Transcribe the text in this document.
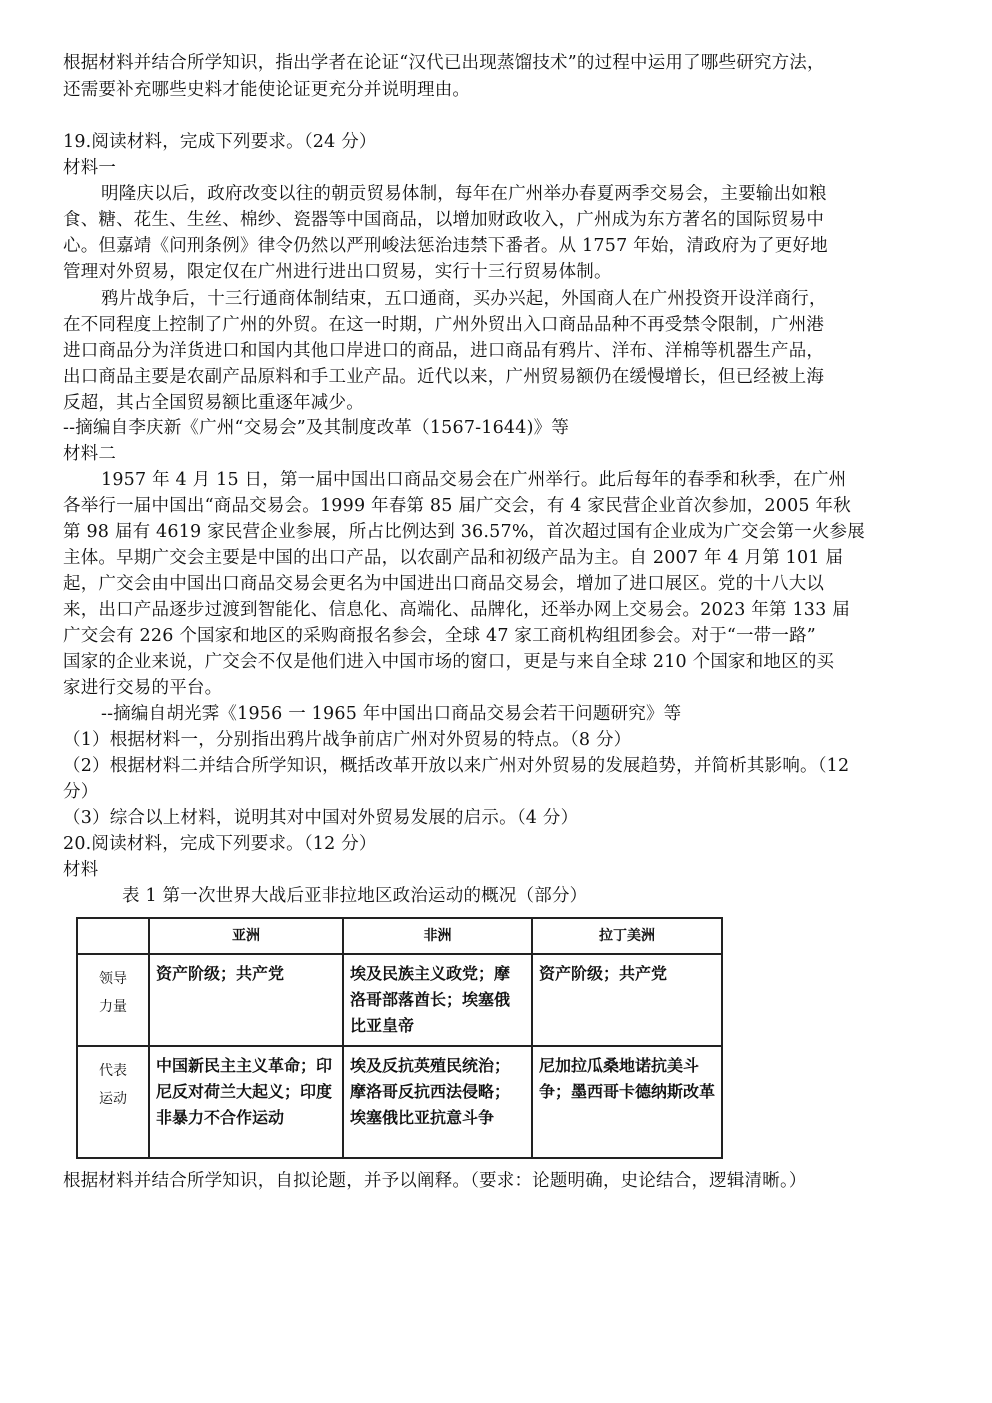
根据材料并结合所学知识，指出学者在论证“汉代已出现蒸馏技术”的过程中运用了哪些研究方法，

还需要补充哪些史料才能使论证更充分并说明理由。

19.阅读材料，完成下列要求。（24 分）

材料一

明隆庆以后，政府改变以往的朝贡贸易体制，每年在广州举办春夏两季交易会，主要输出如粮

食、糖、花生、生丝、棉纱、瓷器等中国商品，以增加财政收入，广州成为东方著名的国际贸易中

心。但嘉靖《问刑条例》律令仍然以严刑峻法惩治违禁下番者。从 1757 年始，清政府为了更好地

管理对外贸易，限定仅在广州进行进出口贸易，实行十三行贸易体制。

鸦片战争后，十三行通商体制结束，五口通商，买办兴起，外国商人在广州投资开设洋商行，

在不同程度上控制了广州的外贸。在这一时期，广州外贸出入口商品品种不再受禁令限制，广州港

进口商品分为洋货进口和国内其他口岸进口的商品，进口商品有鸦片、洋布、洋棉等机器生产品，

出口商品主要是农副产品原料和手工业产品。近代以来，广州贸易额仍在缓慢增长，但已经被上海

反超，其占全国贸易额比重逐年减少。

--摘编自李庆新《广州“交易会”及其制度改革（1567-1644)》等

材料二

1957 年 4 月 15 日，第一届中国出口商品交易会在广州举行。此后每年的春季和秋季，在广州

各举行一届中国出“商品交易会。1999 年春第 85 届广交会，有 4 家民营企业首次参加，2005 年秋

第 98 届有 4619 家民营企业参展，所占比例达到 36.57%，首次超过国有企业成为广交会第一火参展

主体。早期广交会主要是中国的出口产品，以农副产品和初级产品为主。自 2007 年 4 月第 101 届

起，广交会由中国出口商品交易会更名为中国进出口商品交易会，增加了进口展区。党的十八大以

来，出口产品逐步过渡到智能化、信息化、高端化、品牌化，还举办网上交易会。2023 年第 133 届

广交会有 226 个国家和地区的采购商报名参会，全球 47 家工商机构组团参会。对于“一带一路”

国家的企业来说，广交会不仅是他们进入中国市场的窗口，更是与来自全球 210 个国家和地区的买

家进行交易的平台。

--摘编自胡光霁《1956 一 1965 年中国出口商品交易会若干问题研究》等

（1）根据材料一，分别指出鸦片战争前店广州对外贸易的特点。（8 分）

（2）根据材料二并结合所学知识，概括改革开放以来广州对外贸易的发展趋势，并简析其影响。（12

分）

（3）综合以上材料，说明其对中国对外贸易发展的启示。（4 分）

20.阅读材料，完成下列要求。（12 分）

材料

表 1 第一次世界大战后亚非拉地区政治运动的概况（部分）

	亚洲	非洲	拉丁美洲
领导
力量	资产阶级；共产党	埃及民族主义政党；摩洛哥部落酋长；埃塞俄比亚皇帝	资产阶级；共产党
代表
运动	中国新民主主义革命；印尼反对荷兰大起义；印度非暴力不合作运动	埃及反抗英殖民统治；摩洛哥反抗西法侵略；埃塞俄比亚抗意斗争	尼加拉瓜桑地诺抗美斗争；墨西哥卡德纳斯改革

根据材料并结合所学知识，自拟论题，并予以阐释。（要求：论题明确，史论结合，逻辑清晰。）
